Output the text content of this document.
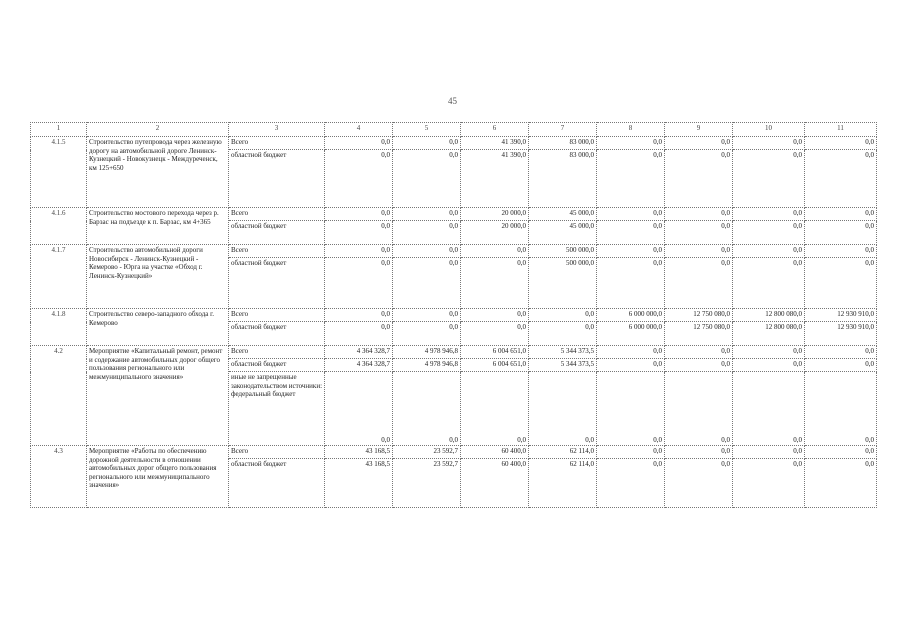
45
1	2	3	4	5	6	7	8	9	10	11
4.1.5	Строительство путепровода через железную дорогу на автомобильной дороге Ленинск-Кузнецкий - Новокузнецк - Междуреченск, км 125+650	Всего	0,0	0,0	41 390,0	83 000,0	0,0	0,0	0,0	0,0
		областной бюджет	0,0	0,0	41 390,0	83 000,0	0,0	0,0	0,0	0,0
4.1.6	Строительство мостового перехода через р. Барзас на подъезде к п. Барзас, км 4+365	Всего	0,0	0,0	20 000,0	45 000,0	0,0	0,0	0,0	0,0
		областной бюджет	0,0	0,0	20 000,0	45 000,0	0,0	0,0	0,0	0,0
4.1.7	Строительство автомобильной дороги Новосибирск - Ленинск-Кузнецкий - Кемерово - Юрга на участке «Обход г. Ленинск-Кузнецкий»	Всего	0,0	0,0	0,0	500 000,0	0,0	0,0	0,0	0,0
		областной бюджет	0,0	0,0	0,0	500 000,0	0,0	0,0	0,0	0,0
4.1.8	Строительство северо-западного обхода г. Кемерово	Всего	0,0	0,0	0,0	0,0	6 000 000,0	12 750 080,0	12 800 080,0	12 930 910,0
		областной бюджет	0,0	0,0	0,0	0,0	6 000 000,0	12 750 080,0	12 800 080,0	12 930 910,0
4.2	Мероприятие «Капитальный ремонт, ремонт и содержание автомобильных дорог общего пользования регионального или межмуниципального значения»	Всего	4 364 328,7	4 978 946,8	6 004 651,0	5 344 373,5	0,0	0,0	0,0	0,0
		областной бюджет	4 364 328,7	4 978 946,8	6 004 651,0	5 344 373,5	0,0	0,0	0,0	0,0
		иные не запрещенные законодательством источники: федеральный бюджет	0,0	0,0	0,0	0,0	0,0	0,0	0,0	0,0
4.3	Мероприятие «Работы по обеспечению дорожной деятельности в отношении автомобильных дорог общего пользования регионального или межмуниципального значения»	Всего	43 168,5	23 592,7	60 400,0	62 114,0	0,0	0,0	0,0	0,0
		областной бюджет	43 168,5	23 592,7	60 400,0	62 114,0	0,0	0,0	0,0	0,0
